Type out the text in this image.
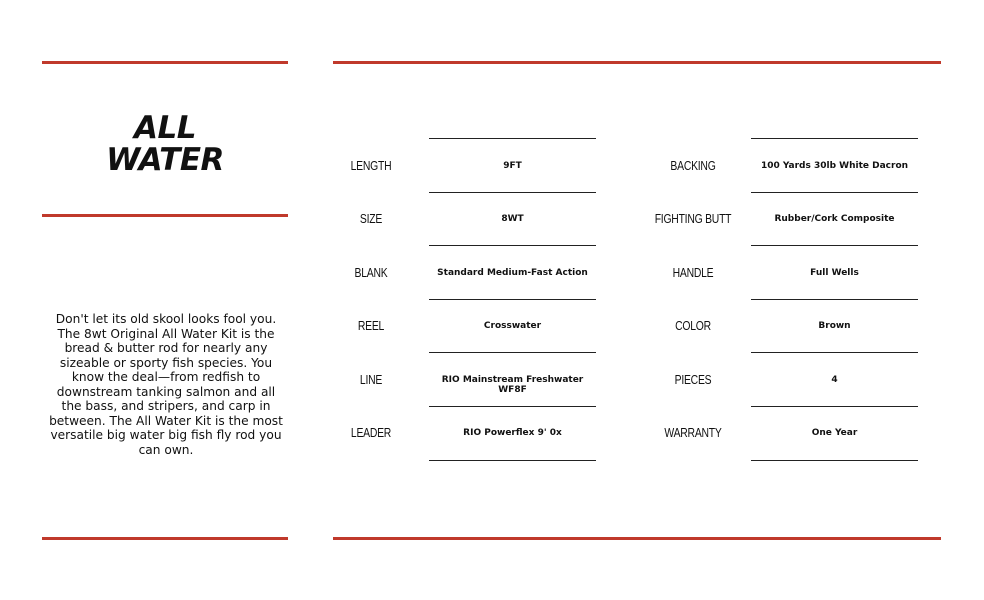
ALL
WATER
Don't let its old skool looks fool you. The 8wt Original All Water Kit is the bread & butter rod for nearly any sizeable or sporty fish species. You know the deal—from redfish to downstream tanking salmon and all the bass, and stripers, and carp in between. The All Water Kit is the most versatile big water big fish fly rod you can own.
LENGTH	9FT
SIZE	8WT
BLANK	Standard Medium-Fast Action
REEL	Crosswater
LINE	RIO Mainstream Freshwater WF8F
LEADER	RIO Powerflex 9' 0x
BACKING	100 Yards 30lb White Dacron
FIGHTING BUTT	Rubber/Cork Composite
HANDLE	Full Wells
COLOR	Brown
PIECES	4
WARRANTY	One Year
